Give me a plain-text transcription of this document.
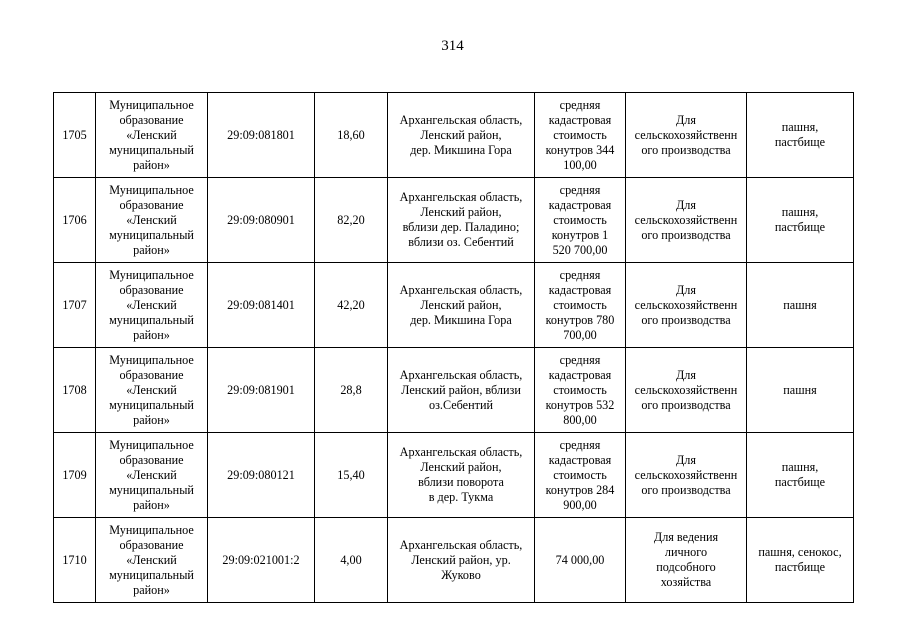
314
1705	Муниципальное
образование
«Ленский
муниципальный
район»	29:09:081801	18,60	Архангельская область,
Ленский район,
дер. Микшина Гора	средняя
кадастровая
стоимость
конутров 344
100,00	Для
сельскохозяйственн
ого производства	пашня,
пастбище
1706	Муниципальное
образование
«Ленский
муниципальный
район»	29:09:080901	82,20	Архангельская область,
Ленский район,
вблизи дер. Паладино;
вблизи оз. Себентий	средняя
кадастровая
стоимость
конутров 1
520 700,00	Для
сельскохозяйственн
ого производства	пашня,
пастбище
1707	Муниципальное
образование
«Ленский
муниципальный
район»	29:09:081401	42,20	Архангельская область,
Ленский район,
дер. Микшина Гора	средняя
кадастровая
стоимость
конутров 780
700,00	Для
сельскохозяйственн
ого производства	пашня
1708	Муниципальное
образование
«Ленский
муниципальный
район»	29:09:081901	28,8	Архангельская область,
Ленский район, вблизи
оз.Себентий	средняя
кадастровая
стоимость
конутров 532
800,00	Для
сельскохозяйственн
ого производства	пашня
1709	Муниципальное
образование
«Ленский
муниципальный
район»	29:09:080121	15,40	Архангельская область,
Ленский район,
вблизи поворота
в дер. Тукма	средняя
кадастровая
стоимость
конутров 284
900,00	Для
сельскохозяйственн
ого производства	пашня,
пастбище
1710	Муниципальное
образование
«Ленский
муниципальный
район»	29:09:021001:2	4,00	Архангельская область,
Ленский район, ур.
Жуково	74 000,00	Для ведения
личного
подсобного
хозяйства	пашня, сенокос,
пастбище
